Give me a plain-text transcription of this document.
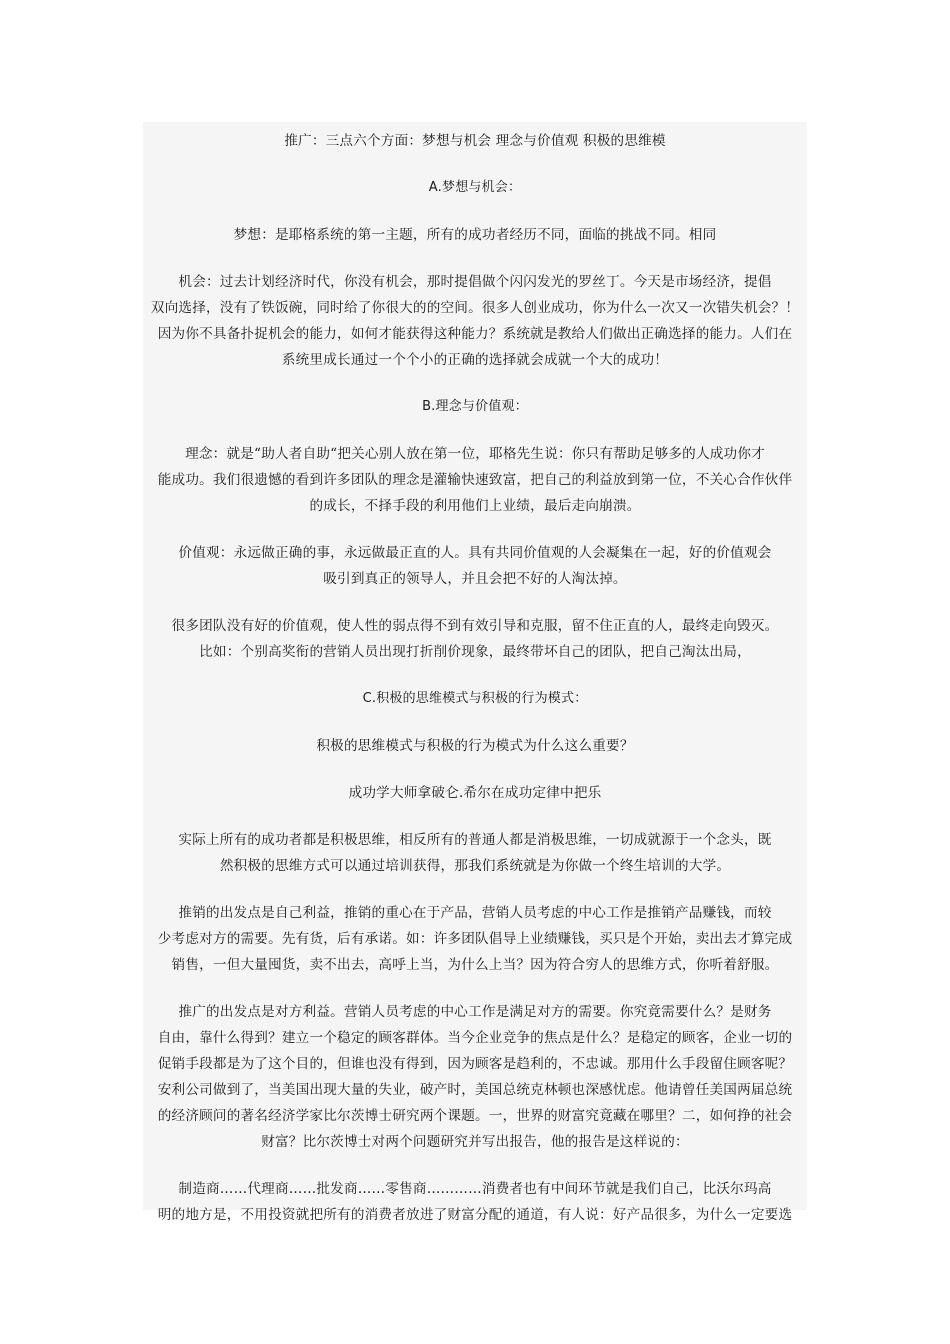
推广：三点六个方面：梦想与机会 理念与价值观 积极的思维模

A.梦想与机会：

梦想：是耶格系统的第一主题，所有的成功者经历不同，面临的挑战不同。相同

机会：过去计划经济时代，你没有机会，那时提倡做个闪闪发光的罗丝丁。今天是市场经济，提倡
双向选择，没有了铁饭碗，同时给了你很大的的空间。很多人创业成功，你为什么一次又一次错失机会？！
因为你不具备扑捉机会的能力，如何才能获得这种能力？系统就是教给人们做出正确选择的能力。人们在
系统里成长通过一个个小的正确的选择就会成就一个大的成功！

B.理念与价值观：

理念：就是“助人者自助“把关心别人放在第一位，耶格先生说：你只有帮助足够多的人成功你才
能成功。我们很遗憾的看到许多团队的理念是灌输快速致富，把自己的利益放到第一位，不关心合作伙伴
的成长，不择手段的利用他们上业绩，最后走向崩溃。

价值观：永远做正确的事，永远做最正直的人。具有共同价值观的人会凝集在一起，好的价值观会
吸引到真正的领导人，并且会把不好的人淘汰掉。

很多团队没有好的价值观，使人性的弱点得不到有效引导和克服，留不住正直的人，最终走向毁灭。
比如：个别高奖衔的营销人员出现打折削价现象，最终带坏自己的团队，把自己淘汰出局，

C.积极的思维模式与积极的行为模式：

积极的思维模式与积极的行为模式为什么这么重要？

成功学大师拿破仑.希尔在成功定律中把乐

实际上所有的成功者都是积极思维，相反所有的普通人都是消极思维，一切成就源于一个念头，既
然积极的思维方式可以通过培训获得，那我们系统就是为你做一个终生培训的大学。

推销的出发点是自己利益，推销的重心在于产品，营销人员考虑的中心工作是推销产品赚钱，而较
少考虑对方的需要。先有货，后有承诺。如：许多团队倡导上业绩赚钱，买只是个开始，卖出去才算完成
销售，一但大量囤货，卖不出去，高呼上当，为什么上当？因为符合穷人的思维方式，你听着舒服。

推广的出发点是对方利益。营销人员考虑的中心工作是满足对方的需要。你究竟需要什么？是财务
自由，靠什么得到？建立一个稳定的顾客群体。当今企业竞争的焦点是什么？是稳定的顾客，企业一切的
促销手段都是为了这个目的，但谁也没有得到，因为顾客是趋利的，不忠诚。那用什么手段留住顾客呢？
安利公司做到了，当美国出现大量的失业，破产时，美国总统克林顿也深感忧虑。他请曾任美国两届总统
的经济顾问的著名经济学家比尔茨博士研究两个课题。一，世界的财富究竟藏在哪里？二，如何挣的社会
财富？比尔茨博士对两个问题研究并写出报告，他的报告是这样说的：

制造商……代理商……批发商……零售商…………消费者也有中间环节就是我们自己，比沃尔玛高
明的地方是，不用投资就把所有的消费者放进了财富分配的通道，有人说：好产品很多，为什么一定要选
